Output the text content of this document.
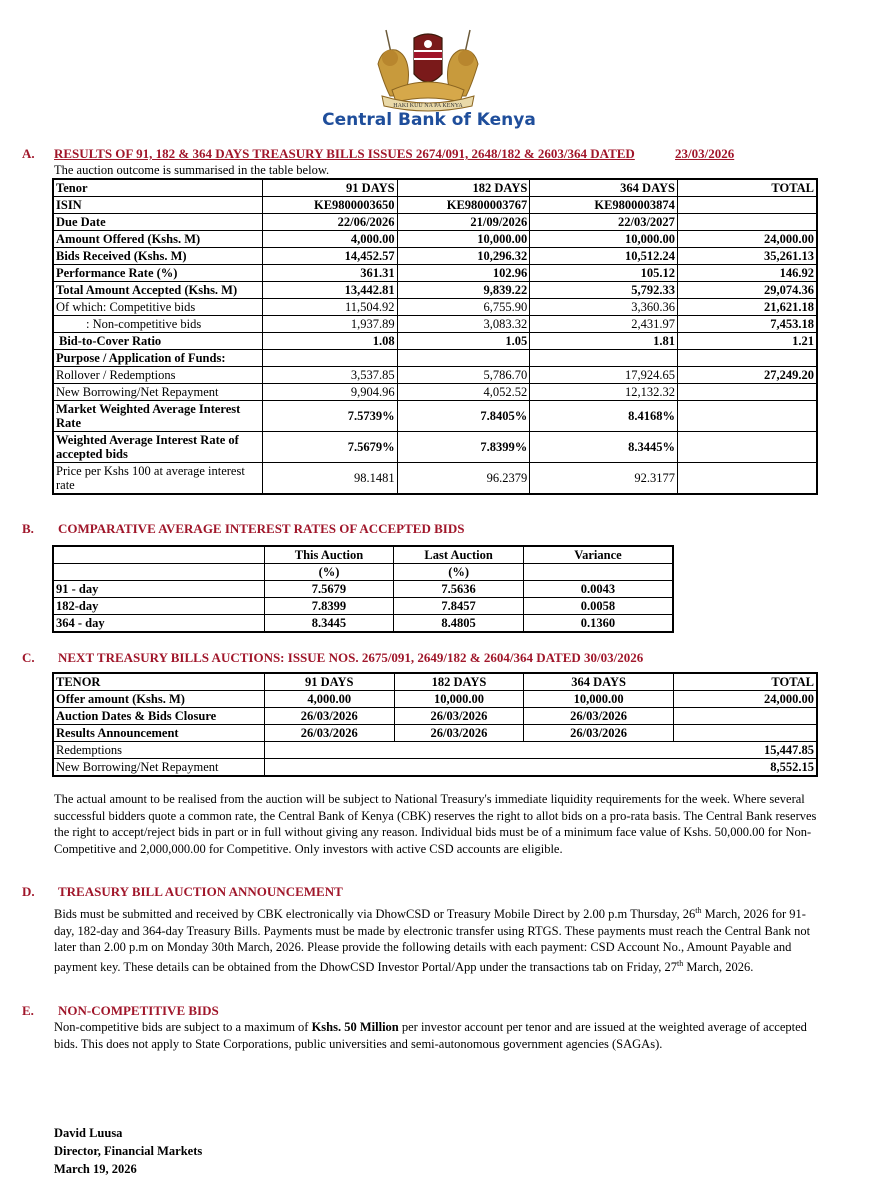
HAKI KUU NA PA KENYA
Central Bank of Kenya
A. RESULTS OF 91, 182 & 364 DAYS TREASURY BILLS ISSUES 2674/091, 2648/182 & 2603/364 DATED	23/03/2026
The auction outcome is summarised in the table below.
Tenor	91 DAYS	182 DAYS	364 DAYS	TOTAL
ISIN	KE9800003650	KE9800003767	KE9800003874	
Due Date	22/06/2026	21/09/2026	22/03/2027	
Amount Offered (Kshs. M)	4,000.00	10,000.00	10,000.00	24,000.00
Bids Received (Kshs. M)	14,452.57	10,296.32	10,512.24	35,261.13
Performance Rate (%)	361.31	102.96	105.12	146.92
Total Amount Accepted (Kshs. M)	13,442.81	9,839.22	5,792.33	29,074.36
Of which: Competitive bids	11,504.92	6,755.90	3,360.36	21,621.18
: Non-competitive bids	1,937.89	3,083.32	2,431.97	7,453.18
Bid-to-Cover Ratio	1.08	1.05	1.81	1.21
Purpose / Application of Funds:				
Rollover / Redemptions	3,537.85	5,786.70	17,924.65	27,249.20
New Borrowing/Net Repayment	9,904.96	4,052.52	12,132.32	
Market Weighted Average Interest Rate	7.5739%	7.8405%	8.4168%	
Weighted Average Interest Rate of accepted bids	7.5679%	7.8399%	8.3445%	
Price per Kshs 100 at average interest rate	98.1481	96.2379	92.3177	
B. COMPARATIVE AVERAGE INTEREST RATES OF ACCEPTED BIDS
	This Auction	Last Auction	Variance
	(%)	(%)	
91 - day	7.5679	7.5636	0.0043
182-day	7.8399	7.8457	0.0058
364 - day	8.3445	8.4805	0.1360
C. NEXT TREASURY BILLS AUCTIONS: ISSUE NOS. 2675/091, 2649/182 & 2604/364 DATED 30/03/2026
TENOR	91 DAYS	182 DAYS	364 DAYS	TOTAL
Offer amount (Kshs. M)	4,000.00	10,000.00	10,000.00	24,000.00
Auction Dates & Bids Closure	26/03/2026	26/03/2026	26/03/2026	
Results Announcement	26/03/2026	26/03/2026	26/03/2026	
Redemptions	15,447.85			
New Borrowing/Net Repayment	8,552.15			
The actual amount to be realised from the auction will be subject to National Treasury's immediate liquidity requirements for the week. Where several successful bidders quote a common rate, the Central Bank of Kenya (CBK) reserves the right to allot bids on a pro-rata basis. The Central Bank reserves the right to accept/reject bids in part or in full without giving any reason. Individual bids must be of a minimum face value of Kshs. 50,000.00 for Non-Competitive and 2,000,000.00 for Competitive. Only investors with active CSD accounts are eligible.
D. TREASURY BILL AUCTION ANNOUNCEMENT
Bids must be submitted and received by CBK electronically via DhowCSD or Treasury Mobile Direct by 2.00 p.m Thursday, 26th March, 2026 for 91-day, 182-day and 364-day Treasury Bills. Payments must be made by electronic transfer using RTGS. These payments must reach the Central Bank not later than 2.00 p.m on Monday 30th March, 2026. Please provide the following details with each payment: CSD Account No., Amount Payable and payment key. These details can be obtained from the DhowCSD Investor Portal/App under the transactions tab on Friday, 27th March, 2026.
E. NON-COMPETITIVE BIDS
Non-competitive bids are subject to a maximum of Kshs. 50 Million per investor account per tenor and are issued at the weighted average of accepted bids. This does not apply to State Corporations, public universities and semi-autonomous government agencies (SAGAs).
David Luusa
Director, Financial Markets
March 19, 2026
